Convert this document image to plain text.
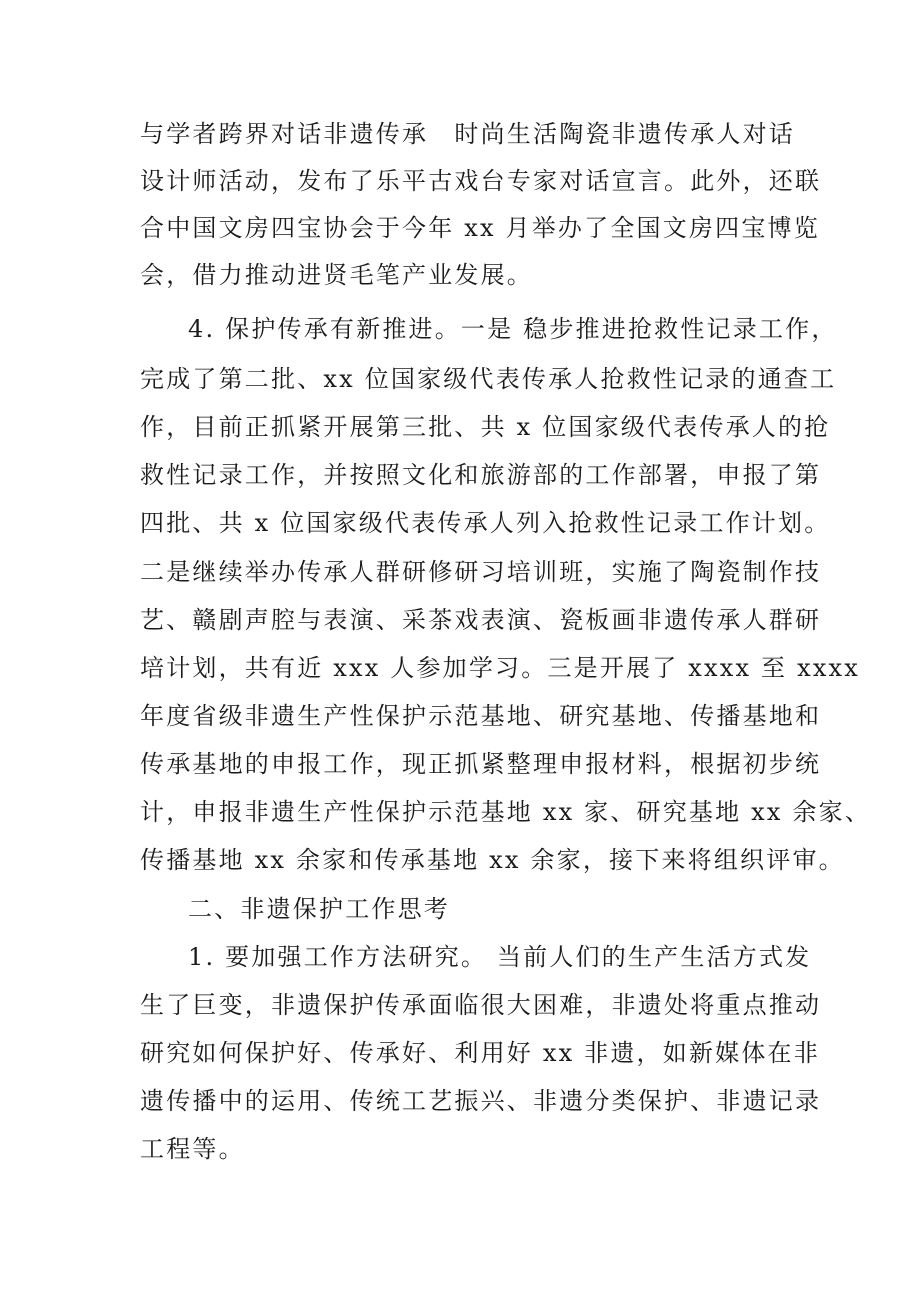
与学者跨界对话非遗传承　时尚生活陶瓷非遗传承人对话
设计师活动，发布了乐平古戏台专家对话宣言。此外，还联
合中国文房四宝协会于今年 xx 月举办了全国文房四宝博览
会，借力推动进贤毛笔产业发展。
4. 保护传承有新推进。一是 稳步推进抢救性记录工作，
完成了第二批、xx 位国家级代表传承人抢救性记录的通查工
作，目前正抓紧开展第三批、共 x 位国家级代表传承人的抢
救性记录工作，并按照文化和旅游部的工作部署，申报了第
四批、共 x 位国家级代表传承人列入抢救性记录工作计划。
二是继续举办传承人群研修研习培训班，实施了陶瓷制作技
艺、赣剧声腔与表演、采茶戏表演、瓷板画非遗传承人群研
培计划，共有近 xxx 人参加学习。三是开展了 xxxx 至 xxxx
年度省级非遗生产性保护示范基地、研究基地、传播基地和
传承基地的申报工作，现正抓紧整理申报材料，根据初步统
计，申报非遗生产性保护示范基地 xx 家、研究基地 xx 余家、
传播基地 xx 余家和传承基地 xx 余家，接下来将组织评审。
二、非遗保护工作思考
1. 要加强工作方法研究。 当前人们的生产生活方式发
生了巨变，非遗保护传承面临很大困难，非遗处将重点推动
研究如何保护好、传承好、利用好 xx 非遗，如新媒体在非
遗传播中的运用、传统工艺振兴、非遗分类保护、非遗记录
工程等。
